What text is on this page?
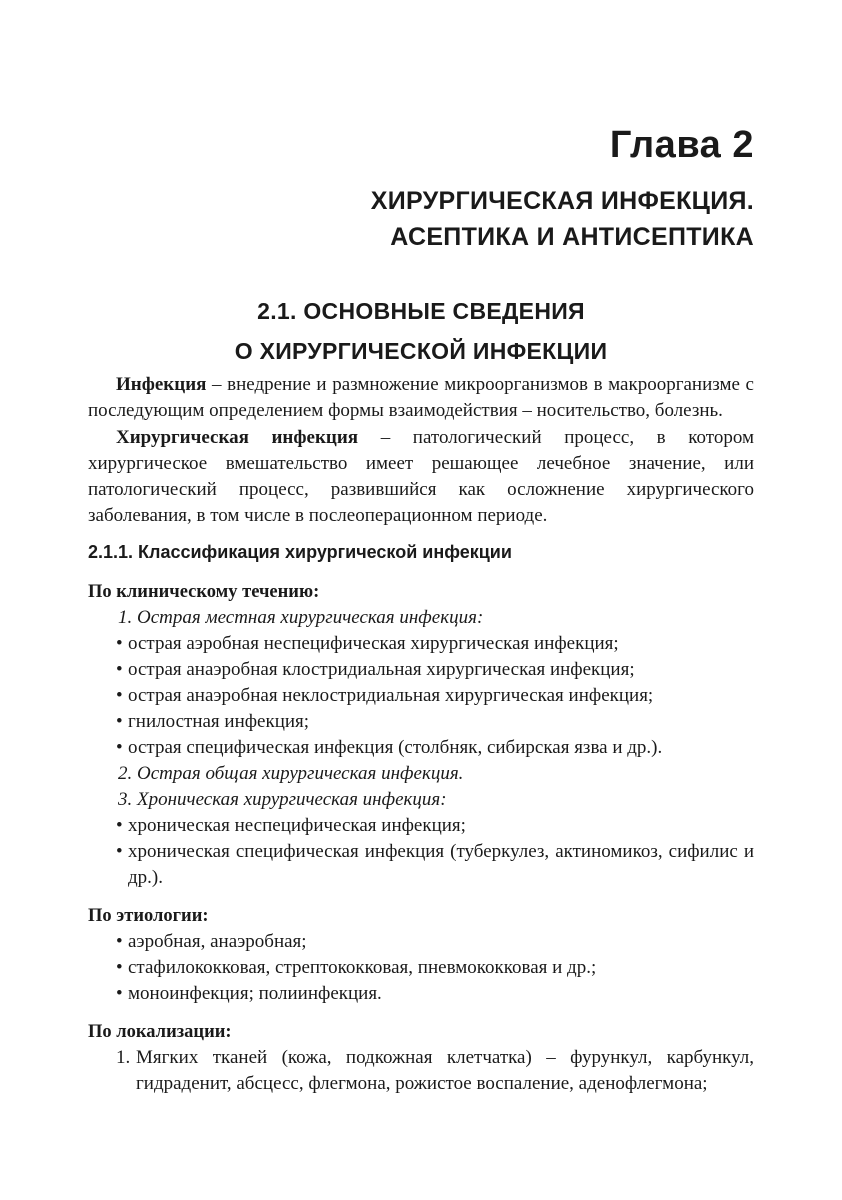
Глава 2
ХИРУРГИЧЕСКАЯ ИНФЕКЦИЯ.
АСЕПТИКА И АНТИСЕПТИКА
2.1. ОСНОВНЫЕ СВЕДЕНИЯ
О ХИРУРГИЧЕСКОЙ ИНФЕКЦИИ

Инфекция – внедрение и размножение микроорганизмов в макроорганизме с последующим определением формы взаимодействия – носительство, болезнь.

Хирургическая инфекция – патологический процесс, в котором хирургическое вмешательство имеет решающее лечебное значение, или патологический процесс, развившийся как осложнение хирургического заболевания, в том числе в послеоперационном периоде.

2.1.1. Классификация хирургической инфекции

По клиническому течению:

1. Острая местная хирургическая инфекция:

• острая аэробная неспецифическая хирургическая инфекция;
• острая анаэробная клостридиальная хирургическая инфекция;
• острая анаэробная неклостридиальная хирургическая инфекция;
• гнилостная инфекция;
• острая специфическая инфекция (столбняк, сибирская язва и др.).

2. Острая общая хирургическая инфекция.

3. Хроническая хирургическая инфекция:

• хроническая неспецифическая инфекция;
• хроническая специфическая инфекция (туберкулез, актиномикоз, сифилис и др.).

По этиологии:

• аэробная, анаэробная;
• стафилококковая, стрептококковая, пневмококковая и др.;
• моноинфекция; полиинфекция.

По локализации:

1. Мягких тканей (кожа, подкожная клетчатка) – фурункул, карбункул, гидраденит, абсцесс, флегмона, рожистое воспаление, аденофлегмона;
